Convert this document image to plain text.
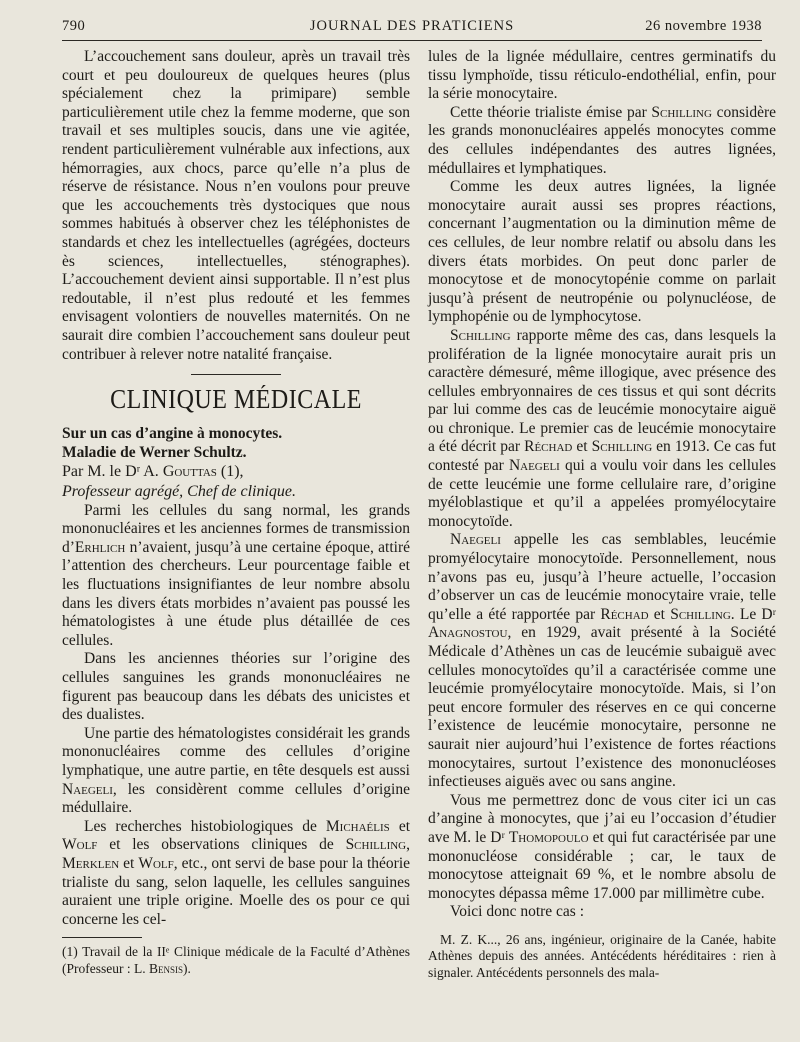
790	JOURNAL DES PRATICIENS	26 novembre 1938

L’accouchement sans douleur, après un travail très court et peu douloureux de quelques heures (plus spécialement chez la primipare) semble particulièrement utile chez la femme moderne, que son travail et ses multiples soucis, dans une vie agitée, rendent particulièrement vulnérable aux infections, aux hémorragies, aux chocs, parce qu’elle n’a plus de réserve de résistance. Nous n’en voulons pour preuve que les accouchements très dystociques que nous sommes habitués à observer chez les téléphonistes de standards et chez les intellectuelles (agrégées, docteurs ès sciences, intellectuelles, sténographes). L’accouchement devient ainsi supportable. Il n’est plus redoutable, il n’est plus redouté et les femmes envisagent volontiers de nouvelles maternités. On ne saurait dire combien l’accouchement sans douleur peut contribuer à relever notre natalité française.

CLINIQUE MÉDICALE

Sur un cas d’angine à monocytes.

Maladie de Werner Schultz.

Par M. le Dʳ A. Gouttas (1),

Professeur agrégé, Chef de clinique.

Parmi les cellules du sang normal, les grands mononucléaires et les anciennes formes de transmission d’Erhlich n’avaient, jusqu’à une certaine époque, attiré l’attention des chercheurs. Leur pourcentage faible et les fluctuations insignifiantes de leur nombre absolu dans les divers états morbides n’avaient pas poussé les hématologistes à une étude plus détaillée de ces cellules.

Dans les anciennes théories sur l’origine des cellules sanguines les grands mononucléaires ne figurent pas beaucoup dans les débats des unicistes et des dualistes.

Une partie des hématologistes considérait les grands mononucléaires comme des cellules d’origine lymphatique, une autre partie, en tête desquels est aussi Naegeli, les considèrent comme cellules d’origine médullaire.

Les recherches histobiologiques de Michaélis et Wolf et les observations cliniques de Schilling, Merklen et Wolf, etc., ont servi de base pour la théorie trialiste du sang, selon laquelle, les cellules sanguines auraient une triple origine. Moelle des os pour ce qui concerne les cel-

(1) Travail de la IIᵉ Clinique médicale de la Faculté d’Athènes (Professeur : L. Bensis).

lules de la lignée médullaire, centres germinatifs du tissu lymphoïde, tissu réticulo-endothélial, enfin, pour la série monocytaire.

Cette théorie trialiste émise par Schilling considère les grands mononucléaires appelés monocytes comme des cellules indépendantes des autres lignées, médullaires et lymphatiques.

Comme les deux autres lignées, la lignée monocytaire aurait aussi ses propres réactions, concernant l’augmentation ou la diminution même de ces cellules, de leur nombre relatif ou absolu dans les divers états morbides. On peut donc parler de monocytose et de monocytopénie comme on parlait jusqu’à présent de neutropénie ou polynucléose, de lymphopénie ou de lymphocytose.

Schilling rapporte même des cas, dans lesquels la prolifération de la lignée monocytaire aurait pris un caractère démesuré, même illogique, avec présence des cellules embryonnaires de ces tissus et qui sont décrits par lui comme des cas de leucémie monocytaire aiguë ou chronique. Le premier cas de leucémie monocytaire a été décrit par Réchad et Schilling en 1913. Ce cas fut contesté par Naegeli qui a voulu voir dans les cellules de cette leucémie une forme cellulaire rare, d’origine myéloblastique et qu’il a appelées promyélocytaire monocytoïde.

Naegeli appelle les cas semblables, leucémie promyélocytaire monocytoïde. Personnellement, nous n’avons pas eu, jusqu’à l’heure actuelle, l’occasion d’observer un cas de leucémie monocytaire vraie, telle qu’elle a été rapportée par Réchad et Schilling. Le Dʳ Anagnostou, en 1929, avait présenté à la Société Médicale d’Athènes un cas de leucémie subaiguë avec cellules monocytoïdes qu’il a caractérisée comme une leucémie promyélocytaire monocytoïde. Mais, si l’on peut encore formuler des réserves en ce qui concerne l’existence de leucémie monocytaire, personne ne saurait nier aujourd’hui l’existence de fortes réactions monocytaires, surtout l’existence des mononucléoses infectieuses aiguës avec ou sans angine.

Vous me permettrez donc de vous citer ici un cas d’angine à monocytes, que j’ai eu l’occasion d’étudier ave M. le Dʳ Thomopoulo et qui fut caractérisée par une mononucléose considérable ; car, le taux de monocytose atteignait 69 %, et le nombre absolu de monocytes dépassa même 17.000 par millimètre cube.

Voici donc notre cas :

M. Z. K..., 26 ans, ingénieur, originaire de la Canée, habite Athènes depuis des années. Antécédents héréditaires : rien à signaler. Antécédents personnels des mala-
